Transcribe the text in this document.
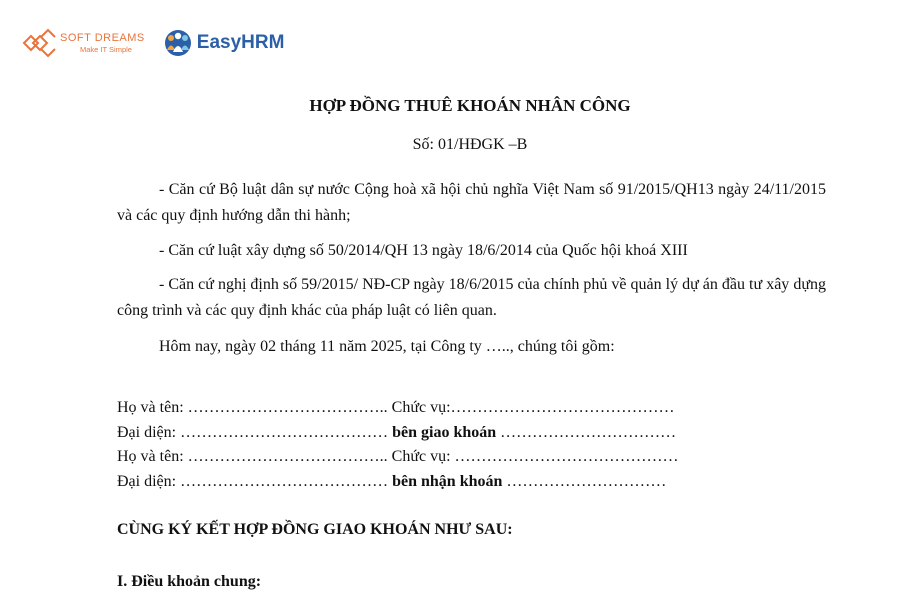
SOFT DREAMS
Make IT Simple	EasyHRM
HỢP ĐỒNG THUÊ KHOÁN NHÂN CÔNG
Số: 01/HĐGK –B
- Căn cứ Bộ luật dân sự nước Cộng hoà xã hội chủ nghĩa Việt Nam số 91/2015/QH13 ngày 24/11/2015 và các quy định hướng dẫn thi hành;
- Căn cứ luật xây dựng số 50/2014/QH 13 ngày 18/6/2014 của Quốc hội khoá XIII
- Căn cứ nghị định số 59/2015/ NĐ-CP ngày 18/6/2015 của chính phủ về quản lý dự án đầu tư xây dựng công trình và các quy định khác của pháp luật có liên quan.
Hôm nay, ngày 02 tháng 11 năm 2025, tại Công ty ….., chúng tôi gồm:
Họ và tên: ……………………………….. Chức vụ:……………………………………
Đại diện: ………………………………… bên giao khoán ……………………………
Họ và tên: ……………………………….. Chức vụ: ……………………………………
Đại diện: ………………………………… bên nhận khoán …………………………
CÙNG KÝ KẾT HỢP ĐỒNG GIAO KHOÁN NHƯ SAU:
I. Điều khoản chung:
